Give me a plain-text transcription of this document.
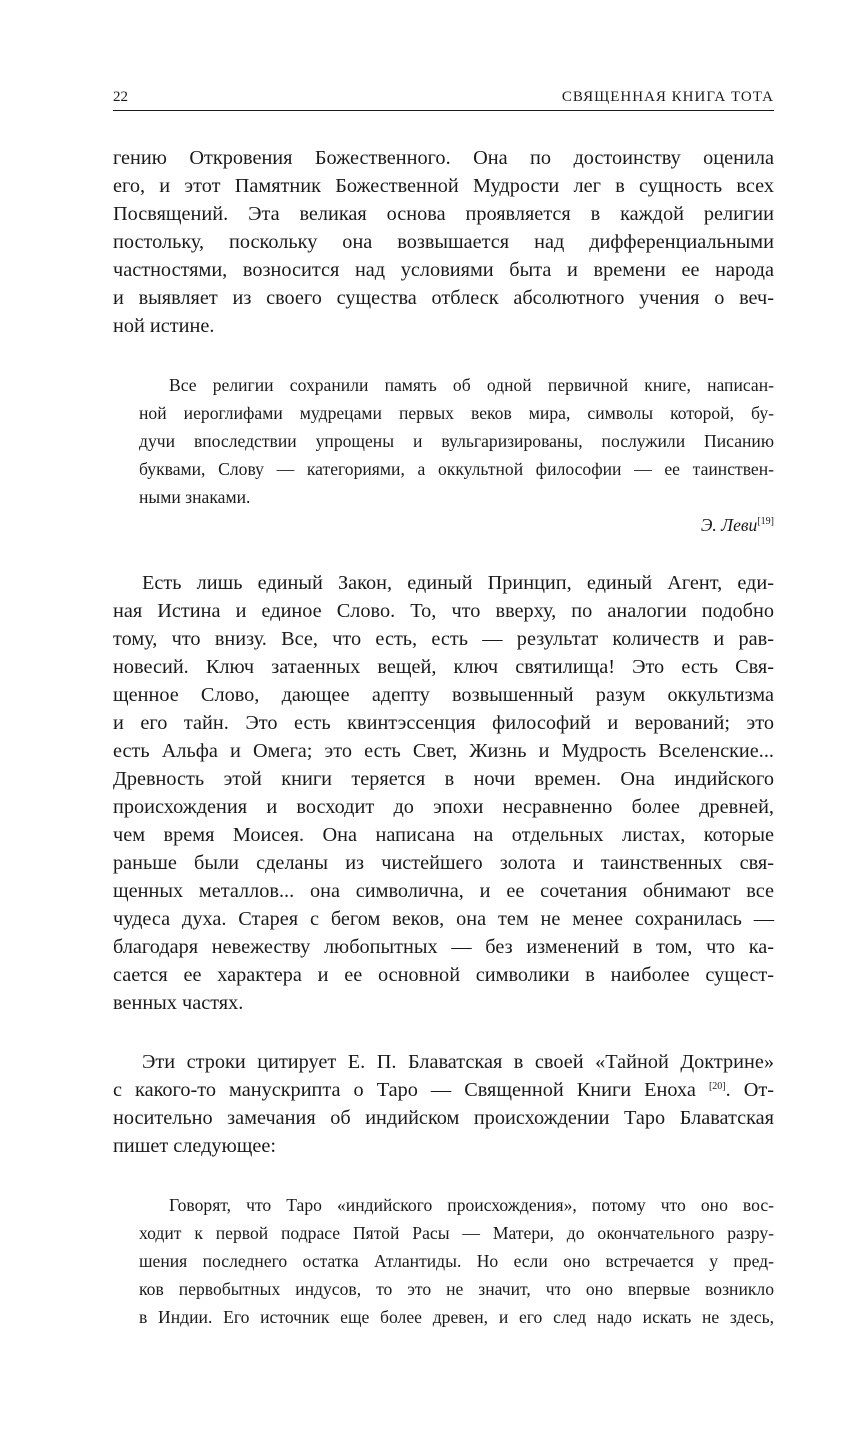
22	СВЯЩЕННАЯ КНИГА ТОТА
гению Откровения Божественного. Она по достоинству оценила
его, и этот Памятник Божественной Мудрости лег в сущность всех
Посвящений. Эта великая основа проявляется в каждой религии
постольку, поскольку она возвышается над дифференциальными
частностями, возносится над условиями быта и времени ее народа
и выявляет из своего существа отблеск абсолютного учения о веч-
ной истине.
Все религии сохранили память об одной первичной книге, написан-
ной иероглифами мудрецами первых веков мира, символы которой, бу-
дучи впоследствии упрощены и вульгаризированы, послужили Писанию
буквами, Слову — категориями, а оккультной философии — ее таинствен-
ными знаками.
Э. Леви[19]
Есть лишь единый Закон, единый Принцип, единый Агент, еди-
ная Истина и единое Слово. То, что вверху, по аналогии подобно
тому, что внизу. Все, что есть, есть — результат количеств и рав-
новесий. Ключ затаенных вещей, ключ святилища! Это есть Свя-
щенное Слово, дающее адепту возвышенный разум оккультизма
и его тайн. Это есть квинтэссенция философий и верований; это
есть Альфа и Омега; это есть Свет, Жизнь и Мудрость Вселенские...
Древность этой книги теряется в ночи времен. Она индийского
происхождения и восходит до эпохи несравненно более древней,
чем время Моисея. Она написана на отдельных листах, которые
раньше были сделаны из чистейшего золота и таинственных свя-
щенных металлов... она символична, и ее сочетания обнимают все
чудеса духа. Старея с бегом веков, она тем не менее сохранилась —
благодаря невежеству любопытных — без изменений в том, что ка-
сается ее характера и ее основной символики в наиболее сущест-
венных частях.
Эти строки цитирует Е. П. Блаватская в своей «Тайной Доктрине»
с какого-то манускрипта о Таро — Священной Книги Еноха [20]. От-
носительно замечания об индийском происхождении Таро Блаватская
пишет следующее:
Говорят, что Таро «индийского происхождения», потому что оно вос-
ходит к первой подрасе Пятой Расы — Матери, до окончательного разру-
шения последнего остатка Атлантиды. Но если оно встречается у пред-
ков первобытных индусов, то это не значит, что оно впервые возникло
в Индии. Его источник еще более древен, и его след надо искать не здесь,
